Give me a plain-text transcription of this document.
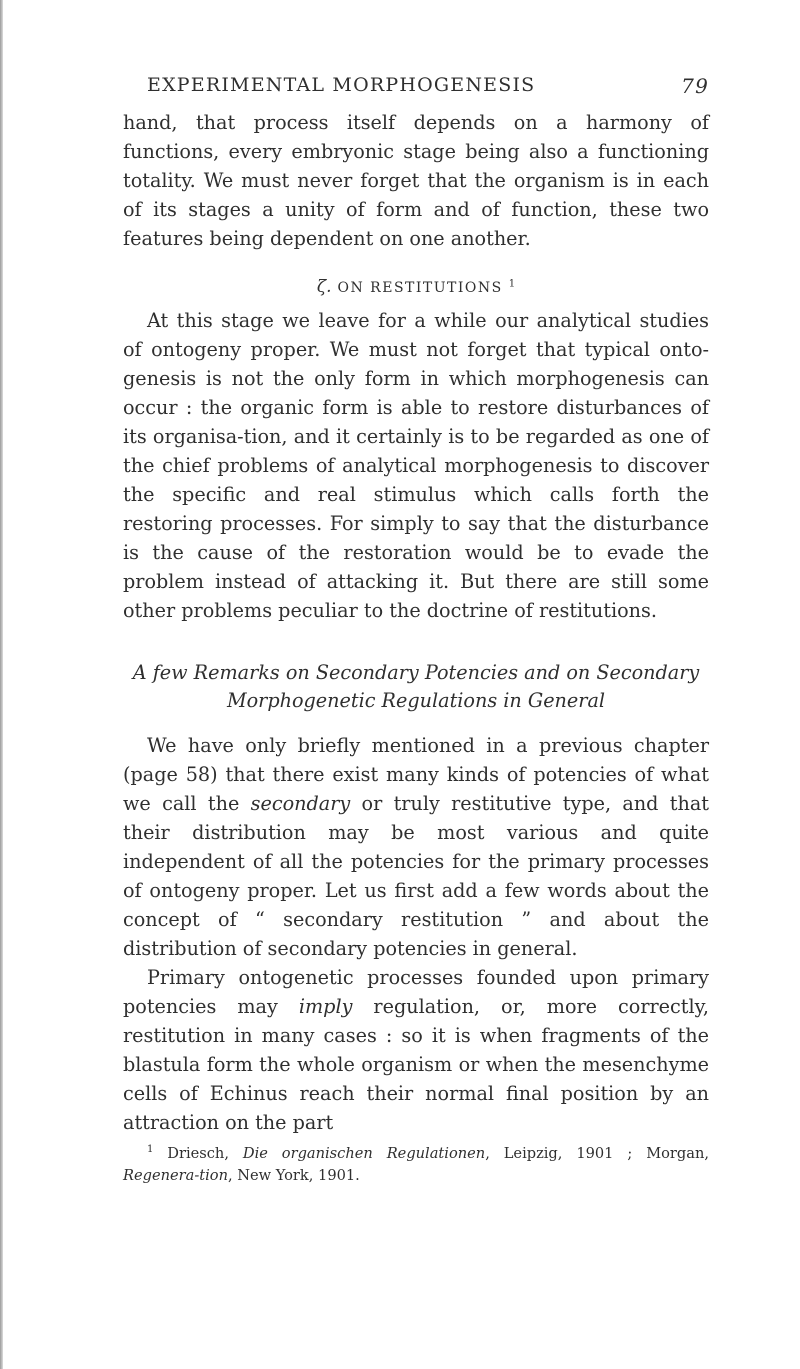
EXPERIMENTAL MORPHOGENESIS	79

hand, that process itself depends on a harmony of functions, every embryonic stage being also a functioning totality. We must never forget that the organism is in each of its stages a unity of form and of function, these two features being dependent on one another.

ζ. ON RESTITUTIONS $^1$

At this stage we leave for a while our analytical studies of ontogeny proper. We must not forget that typical onto-genesis is not the only form in which morphogenesis can occur : the organic form is able to restore disturbances of its organisa-tion, and it certainly is to be regarded as one of the chief problems of analytical morphogenesis to discover the specific and real stimulus which calls forth the restoring processes. For simply to say that the disturbance is the cause of the restoration would be to evade the problem instead of attacking it. But there are still some other problems peculiar to the doctrine of restitutions.

A few Remarks on Secondary Potencies and on Secondary
Morphogenetic Regulations in General

We have only briefly mentioned in a previous chapter (page 58) that there exist many kinds of potencies of what we call the secondary or truly restitutive type, and that their distribution may be most various and quite independent of all the potencies for the primary processes of ontogeny proper. Let us first add a few words about the concept of “ secondary restitution ” and about the distribution of secondary potencies in general.

Primary ontogenetic processes founded upon primary potencies may imply regulation, or, more correctly, restitution in many cases : so it is when fragments of the blastula form the whole organism or when the mesenchyme cells of Echinus reach their normal final position by an attraction on the part

$^1$ Driesch, Die organischen Regulationen, Leipzig, 1901 ; Morgan, Regenera-tion, New York, 1901.
